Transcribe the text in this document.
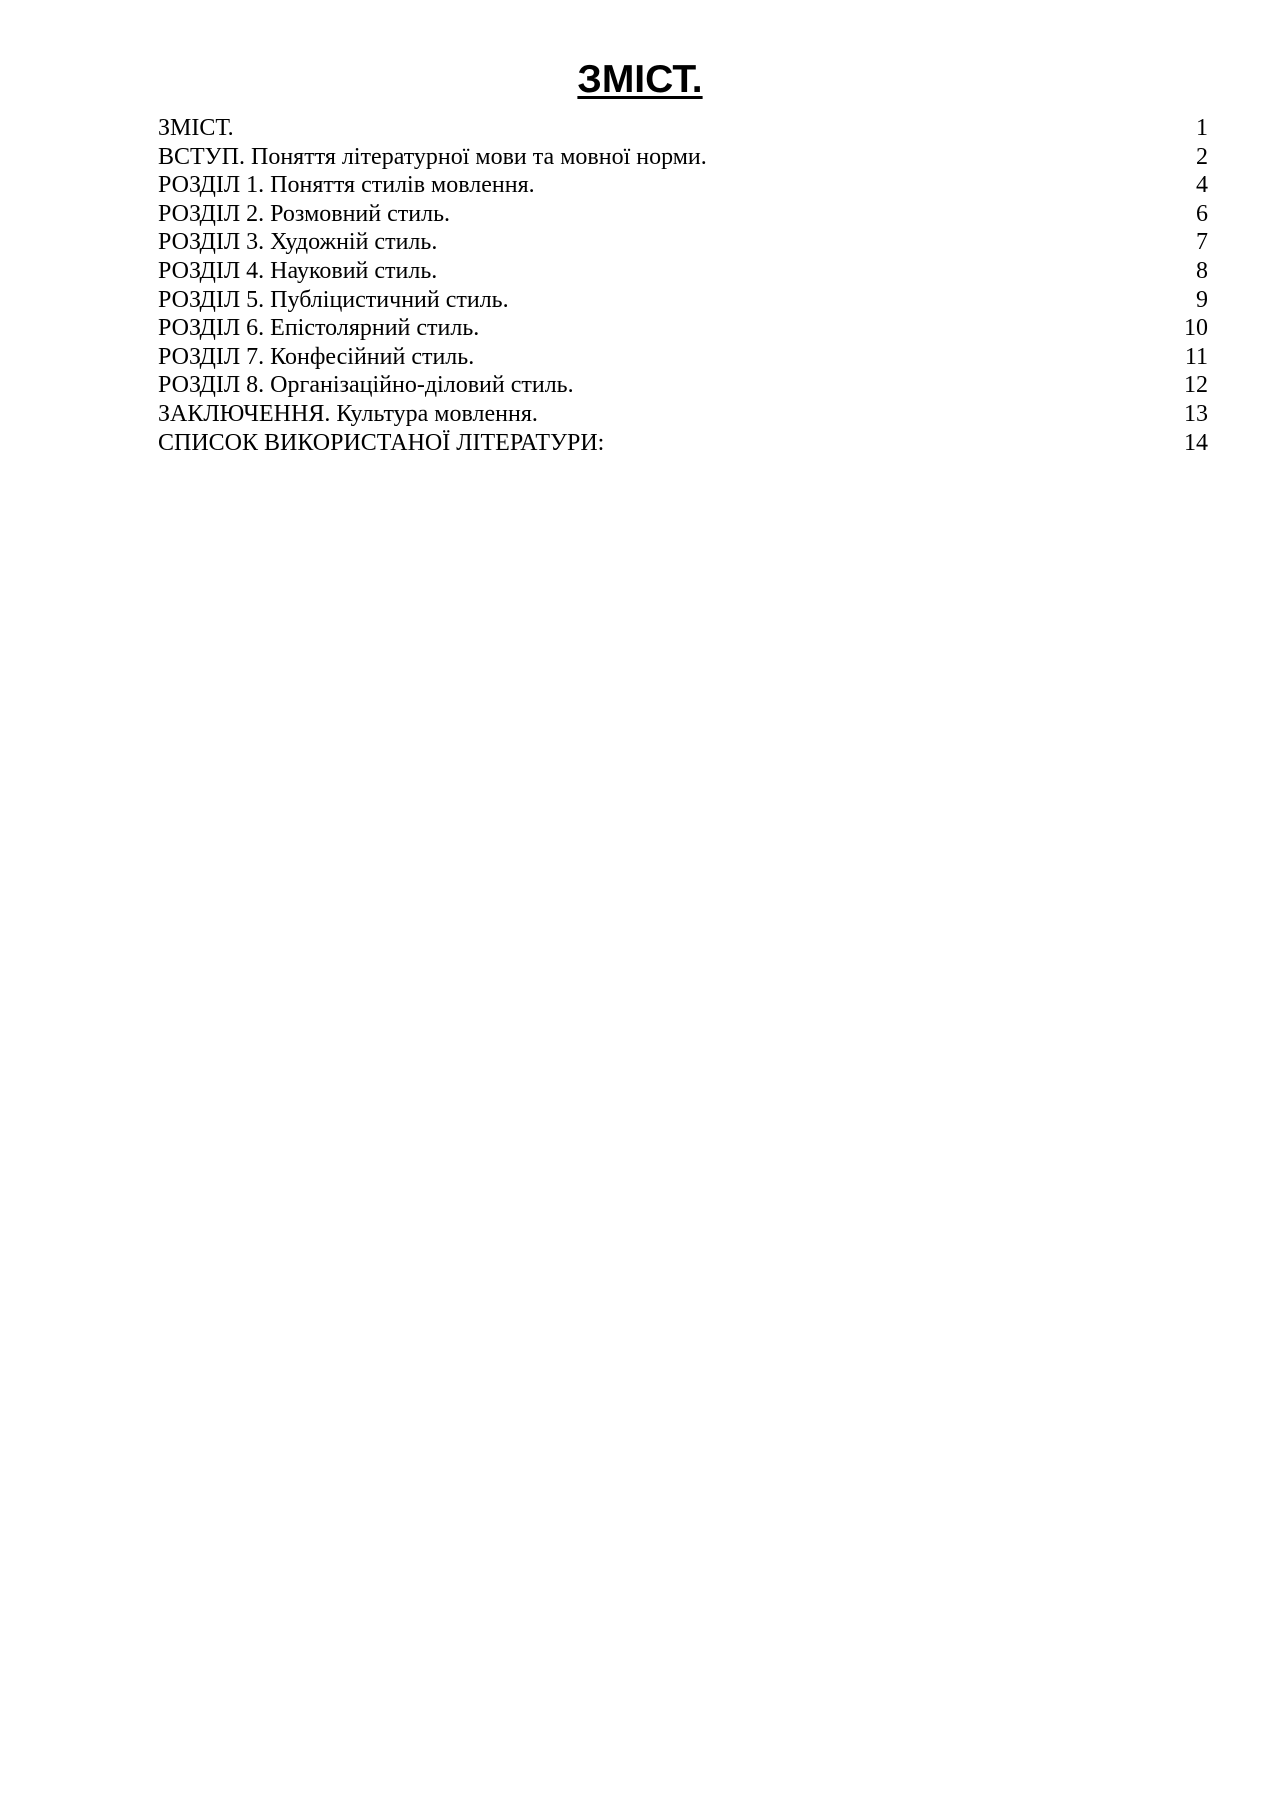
ЗМІСТ.
ЗМІСТ.	1
ВСТУП. Поняття літературної мови та мовної норми.	2
РОЗДІЛ 1. Поняття стилів мовлення.	4
РОЗДІЛ 2. Розмовний стиль.	6
РОЗДІЛ 3. Художній стиль.	7
РОЗДІЛ 4. Науковий стиль.	8
РОЗДІЛ 5. Публіцистичний стиль.	9
РОЗДІЛ 6. Епістолярний стиль.	10
РОЗДІЛ 7. Конфесійний стиль.	11
РОЗДІЛ 8. Організаційно-діловий стиль.	12
ЗАКЛЮЧЕННЯ. Культура мовлення.	13
СПИСОК ВИКОРИСТАНОЇ ЛІТЕРАТУРИ:	14
